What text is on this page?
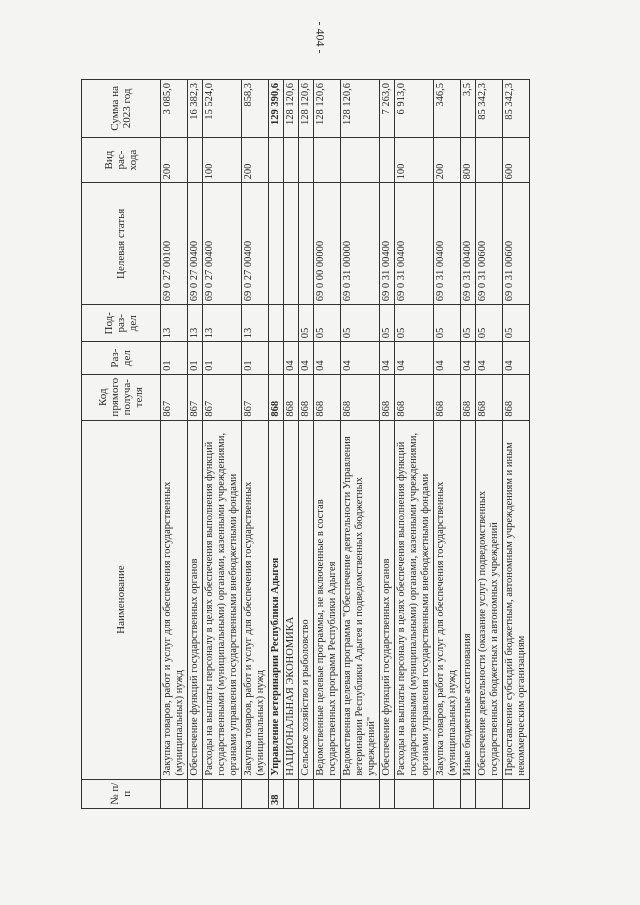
- 404 -
№ п/п	Наименование	Код прямого получа-теля	Раз-дел	Под-раз-дел	Целевая статья	Вид рас-хода	Сумма на 2023 год
	Закупка товаров, работ и услуг для обеспечения государственных (муниципальных) нужд	867	01	13	69 0 27 00100	200	3 085,0
	Обеспечение функций государственных органов	867	01	13	69 0 27 00400		16 382,3
	Расходы на выплаты персоналу в целях обеспечения выполнения функций государственными (муниципальными) органами, казенными учреждениями, органами управления государственными внебюджетными фондами	867	01	13	69 0 27 00400	100	15 524,0
	Закупка товаров, работ и услуг для обеспечения государственных (муниципальных) нужд	867	01	13	69 0 27 00400	200	858,3
38	Управление ветеринарии Республики Адыгея	868					129 390,6
	НАЦИОНАЛЬНАЯ ЭКОНОМИКА	868	04				128 120,6
	Сельское хозяйство и рыболовство	868	04	05			128 120,6
	Ведомственные целевые программы, не включенные в состав государственных программ Республики Адыгея	868	04	05	69 0 00 00000		128 120,6
	Ведомственная целевая программа "Обеспечение деятельности Управления ветеринарии Республики Адыгея и подведомственных бюджетных учреждений"	868	04	05	69 0 31 00000		128 120,6
	Обеспечение функций государственных органов	868	04	05	69 0 31 00400		7 263,0
	Расходы на выплаты персоналу в целях обеспечения выполнения функций государственными (муниципальными) органами, казенными учреждениями, органами управления государственными внебюджетными фондами	868	04	05	69 0 31 00400	100	6 913,0
	Закупка товаров, работ и услуг для обеспечения государственных (муниципальных) нужд	868	04	05	69 0 31 00400	200	346,5
	Иные бюджетные ассигнования	868	04	05	69 0 31 00400	800	3,5
	Обеспечение деятельности (оказание услуг) подведомственных государственных бюджетных и автономных учреждений	868	04	05	69 0 31 00600		85 342,3
	Предоставление субсидий бюджетным, автономным учреждениям и иным некоммерческим организациям	868	04	05	69 0 31 00600	600	85 342,3
